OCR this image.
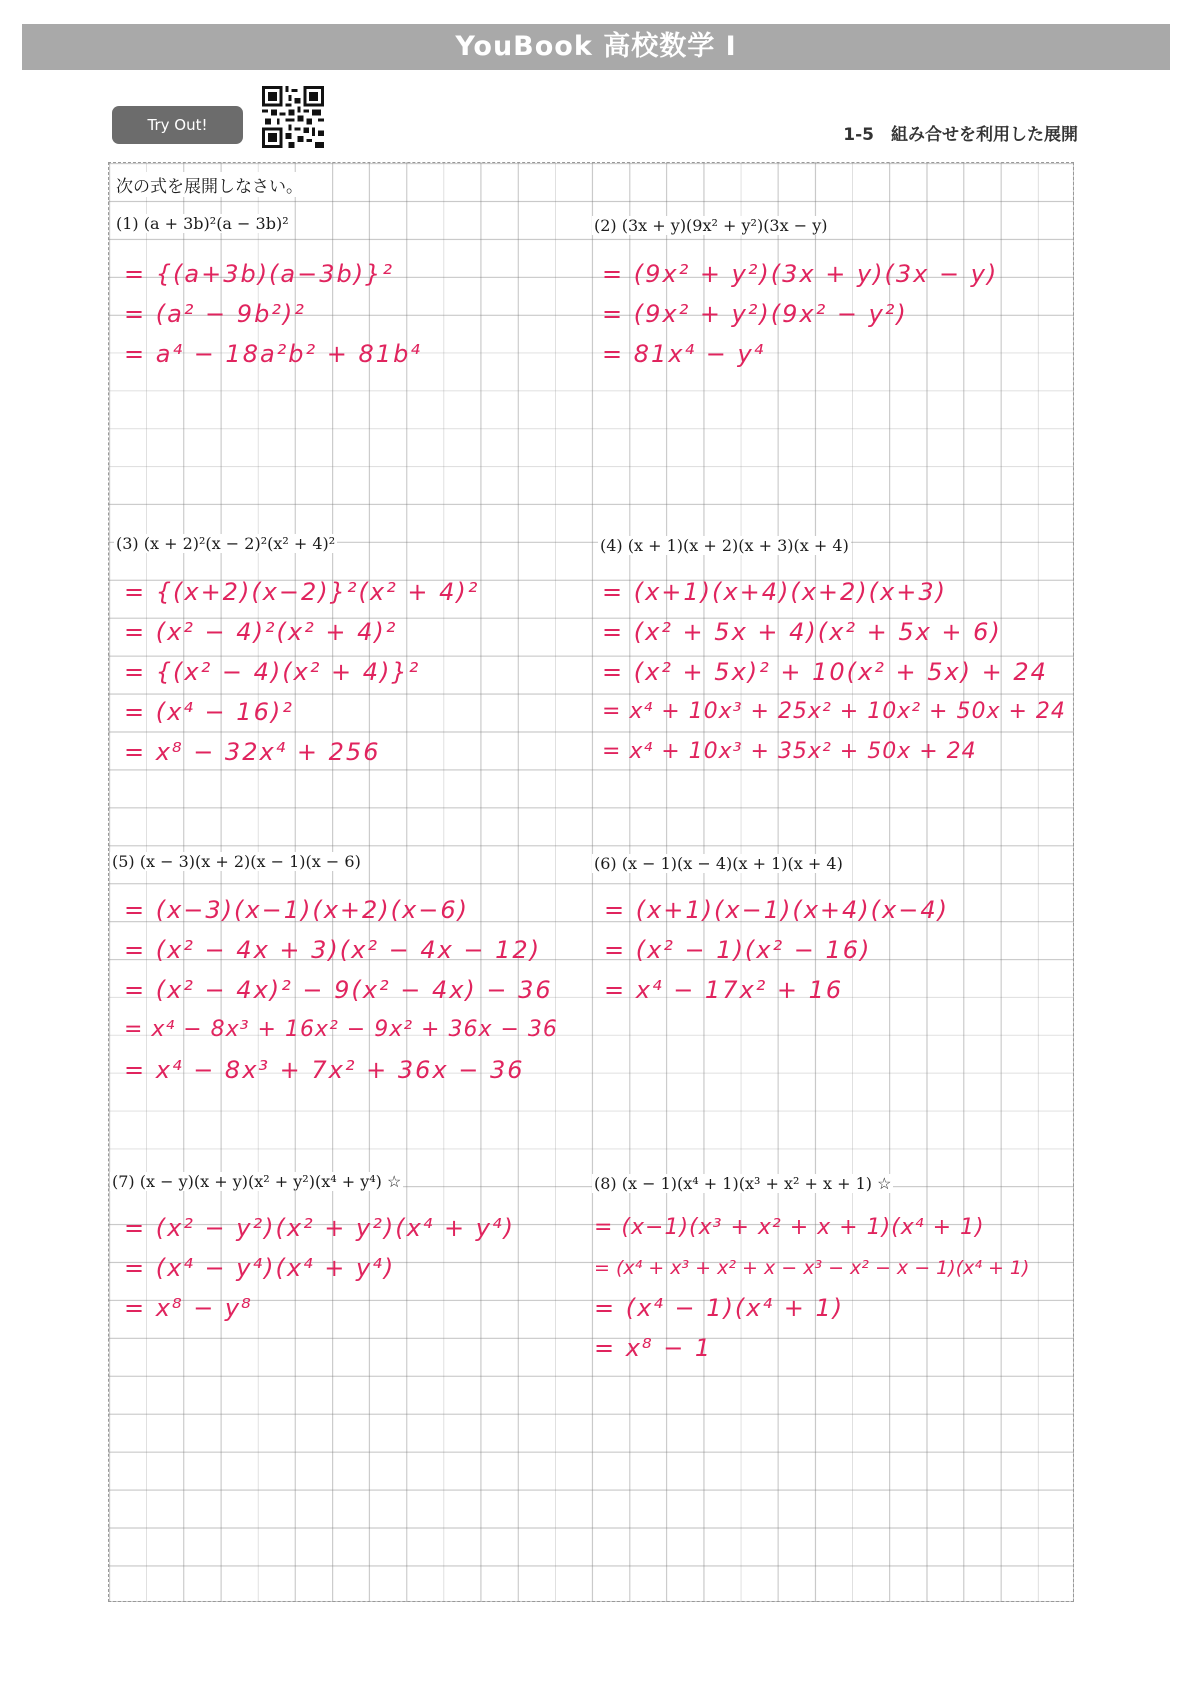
YouBook 高校数学 I
Try Out!	1-5　組み合せを利用した展開
次の式を展開しなさい。
(1) (a + 3b)²(a − 3b)²
= {(a+3b)(a−3b)}²
= (a² − 9b²)²
= a⁴ − 18a²b² + 81b⁴
(2) (3x + y)(9x² + y²)(3x − y)
= (9x² + y²)(3x + y)(3x − y)
= (9x² + y²)(9x² − y²)
= 81x⁴ − y⁴
(3) (x + 2)²(x − 2)²(x² + 4)²
= {(x+2)(x−2)}²(x² + 4)²
= (x² − 4)²(x² + 4)²
= {(x² − 4)(x² + 4)}²
= (x⁴ − 16)²
= x⁸ − 32x⁴ + 256
(4) (x + 1)(x + 2)(x + 3)(x + 4)
= (x+1)(x+4)(x+2)(x+3)
= (x² + 5x + 4)(x² + 5x + 6)
= (x² + 5x)² + 10(x² + 5x) + 24
= x⁴ + 10x³ + 25x² + 10x² + 50x + 24
= x⁴ + 10x³ + 35x² + 50x + 24
(5) (x − 3)(x + 2)(x − 1)(x − 6)
= (x−3)(x−1)(x+2)(x−6)
= (x² − 4x + 3)(x² − 4x − 12)
= (x² − 4x)² − 9(x² − 4x) − 36
= x⁴ − 8x³ + 16x² − 9x² + 36x − 36
= x⁴ − 8x³ + 7x² + 36x − 36
(6) (x − 1)(x − 4)(x + 1)(x + 4)
= (x+1)(x−1)(x+4)(x−4)
= (x² − 1)(x² − 16)
= x⁴ − 17x² + 16
(7) (x − y)(x + y)(x² + y²)(x⁴ + y⁴) ☆
= (x² − y²)(x² + y²)(x⁴ + y⁴)
= (x⁴ − y⁴)(x⁴ + y⁴)
= x⁸ − y⁸
(8) (x − 1)(x⁴ + 1)(x³ + x² + x + 1) ☆
= (x−1)(x³ + x² + x + 1)(x⁴ + 1)
= (x⁴ + x³ + x² + x − x³ − x² − x − 1)(x⁴ + 1)
= (x⁴ − 1)(x⁴ + 1)
= x⁸ − 1
